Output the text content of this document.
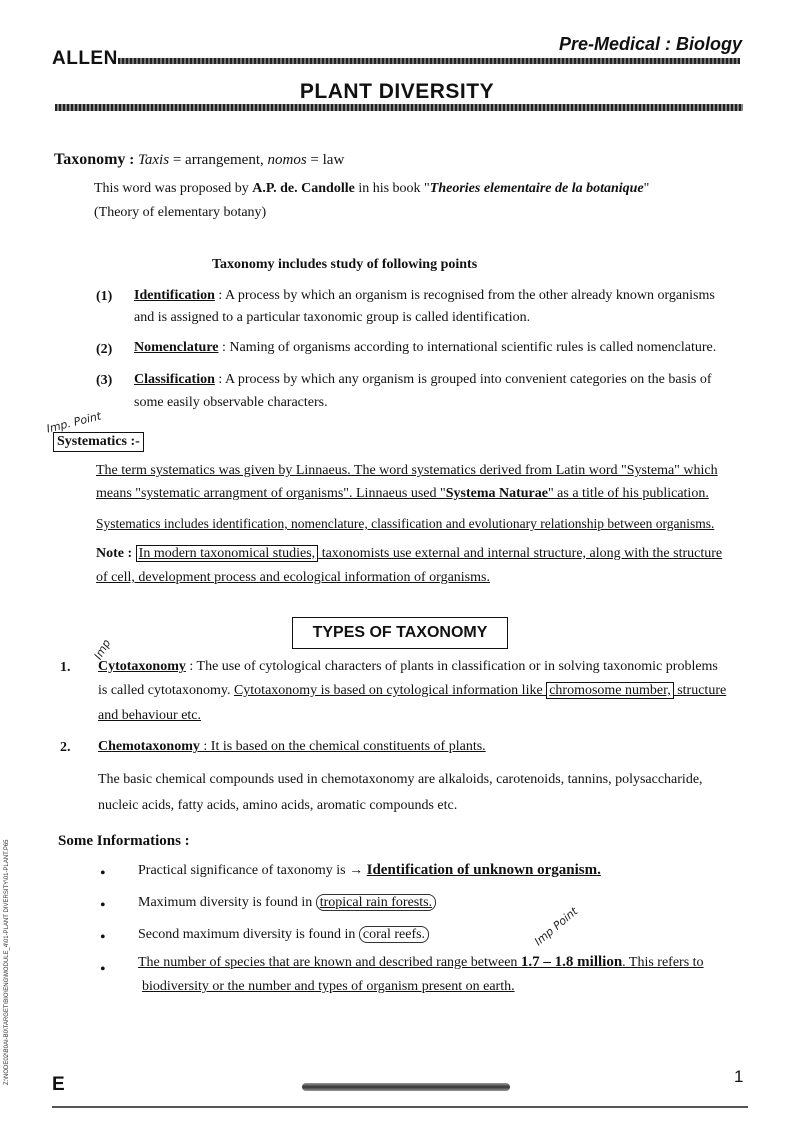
ALLEN
Pre-Medical : Biology
PLANT DIVERSITY
Taxonomy : Taxis = arrangement, nomos = law
This word was proposed by A.P. de. Candolle in his book "Theories elementaire de la botanique"
(Theory of elementary botany)
Taxonomy includes study of following points
(1) Identification : A process by which an organism is recognised from the other already known organisms
and is assigned to a particular taxonomic group is called identification.
(2) Nomenclature : Naming of organisms according to international scientific rules is called nomenclature.
(3) Classification : A process by which any organism is grouped into convenient categories on the basis of
some easily observable characters.
Imp. Point
Systematics :-
The term systematics was given by Linnaeus. The word systematics derived from Latin word "Systema" which
means "systematic arrangment of organisms". Linnaeus used "Systema Naturae" as a title of his publication.
Systematics includes identification, nomenclature, classification and evolutionary relationship between organisms.
Note : In modern taxonomical studies, taxonomists use external and internal structure, along with the structure
of cell, development process and ecological information of organisms.
TYPES OF TAXONOMY
Imp
1. Cytotaxonomy : The use of cytological characters of plants in classification or in solving taxonomic problems
is called cytotaxonomy. Cytotaxonomy is based on cytological information like chromosome number, structure
and behaviour etc.
2. Chemotaxonomy : It is based on the chemical constituents of plants.
The basic chemical compounds used in chemotaxonomy are alkaloids, carotenoids, tannins, polysaccharide,
nucleic acids, fatty acids, amino acids, aromatic compounds etc.
Some Informations :
• Practical significance of taxonomy is → Identification of unknown organism.
• Maximum diversity is found in tropical rain forests.
• Second maximum diversity is found in coral reefs.	Imp Point
• The number of species that are known and described range between 1.7 – 1.8 million. This refers to
biodiversity or the number and types of organism present on earth.
Z:\NODE02\B0AI-B0\TARGET\BIO\ENG\MODULE_4\01-PLANT DIVERSITY\01-PLANT.P65 E	1
